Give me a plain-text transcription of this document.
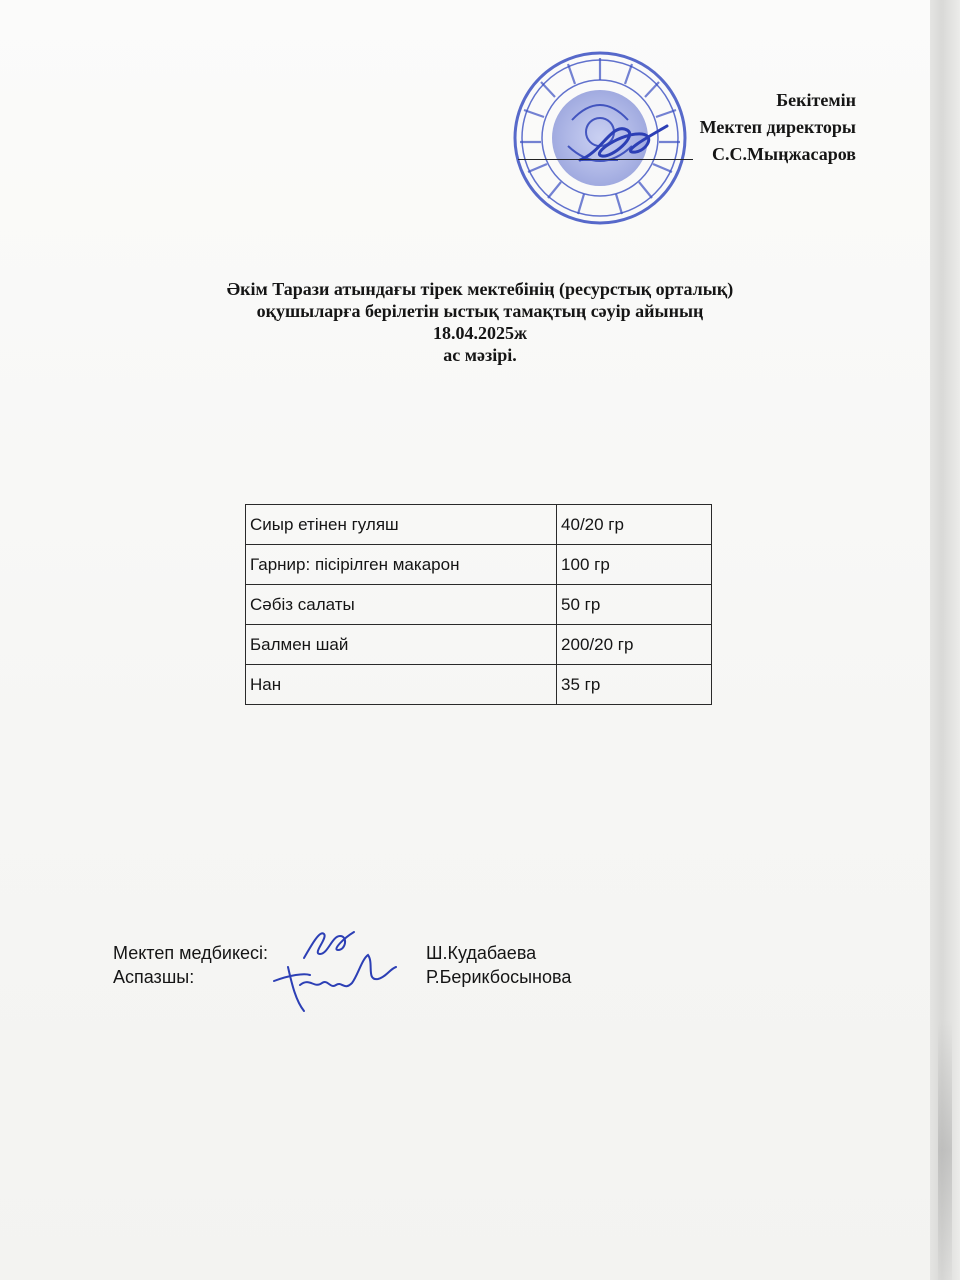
Бекітемін
Мектеп директоры
С.С.Мыңжасаров
Әкім Тарази атындағы тірек мектебінің (ресурстық орталық)
оқушыларға берілетін ыстық тамақтың сәуір айының
18.04.2025ж
ас мәзірі.
Сиыр етінен гуляш	40/20 гр
Гарнир: пісірілген макарон	100 гр
Сәбіз салаты	50 гр
Балмен шай	200/20 гр
Нан	35 гр
Мектеп медбикесі:	Ш.Кудабаева
Аспазшы:	Р.Берикбосынова
